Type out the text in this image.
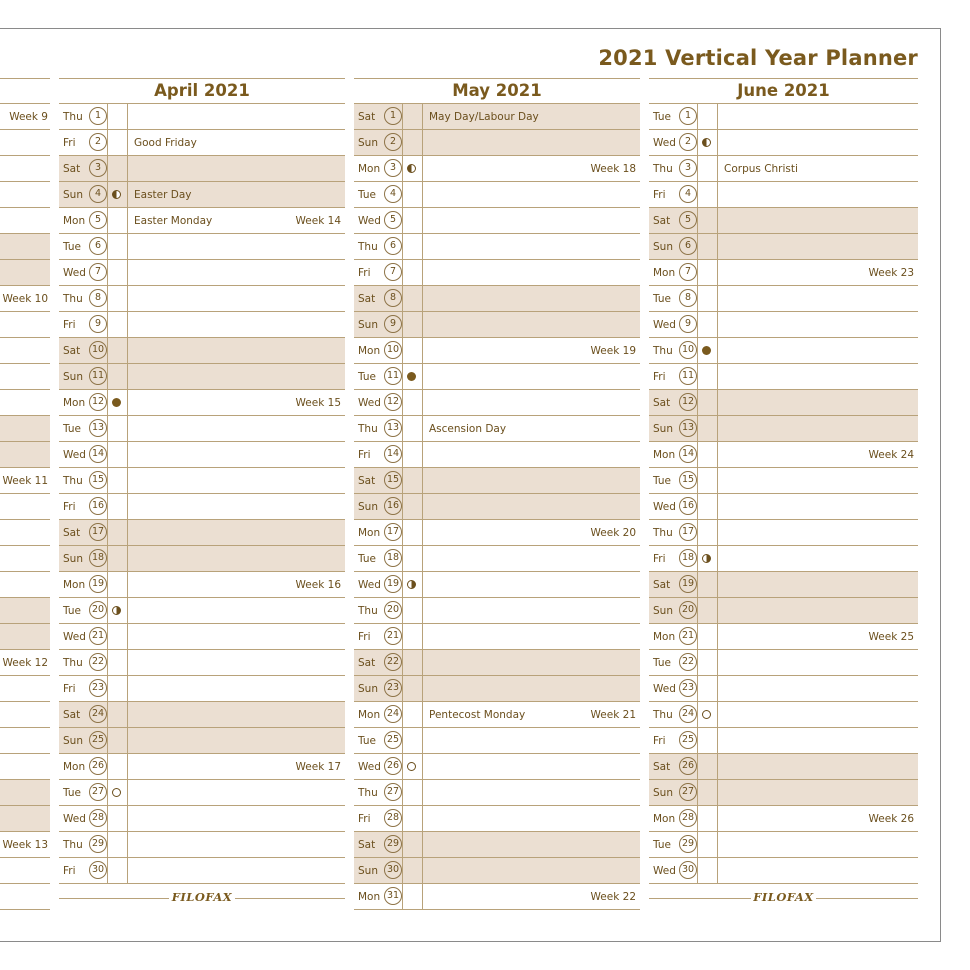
2021 Vertical Year Planner
Week 9
Week 10
Week 11
Week 12
Week 13
April 2021
Thu	1
Fri	2	Good Friday
Sat	3
Sun	4	Easter Day
Mon	5	Easter Monday	Week 14
Tue	6
Wed 7
Thu	8
Fri	9
Sat	10
Sun 11
Mon 12	Week 15
Tue	13
Wed 14
Thu 15
Fri	16
Sat	17
Sun 18
Mon 19	Week 16
Tue	20
Wed 21
Thu 22
Fri	23
Sat	24
Sun 25
Mon 26	Week 17
Tue	27
Wed 28
Thu 29
Fri	30
FILOFAX
May 2021
Sat	1	May Day/Labour Day
Sun	2
Mon	3	Week 18
Tue	4
Wed 5
Thu	6
Fri	7
Sat	8
Sun	9
Mon 10	Week 19
Tue	11
Wed 12
Thu 13	Ascension Day
Fri	14
Sat	15
Sun 16
Mon 17	Week 20
Tue	18
Wed 19
Thu 20
Fri	21
Sat	22
Sun 23
Mon 24	Pentecost Monday	Week 21
Tue	25
Wed 26
Thu 27
Fri	28
Sat	29
Sun 30
Mon 31	Week 22
June 2021
Tue	1
Wed 2
Thu	3	Corpus Christi
Fri	4
Sat	5
Sun	6
Mon	7	Week 23
Tue	8
Wed 9
Thu 10
Fri	11
Sat	12
Sun 13
Mon 14	Week 24
Tue	15
Wed 16
Thu 17
Fri	18
Sat	19
Sun 20
Mon 21	Week 25
Tue	22
Wed 23
Thu 24
Fri	25
Sat	26
Sun 27
Mon 28	Week 26
Tue	29
Wed 30
FILOFAX
